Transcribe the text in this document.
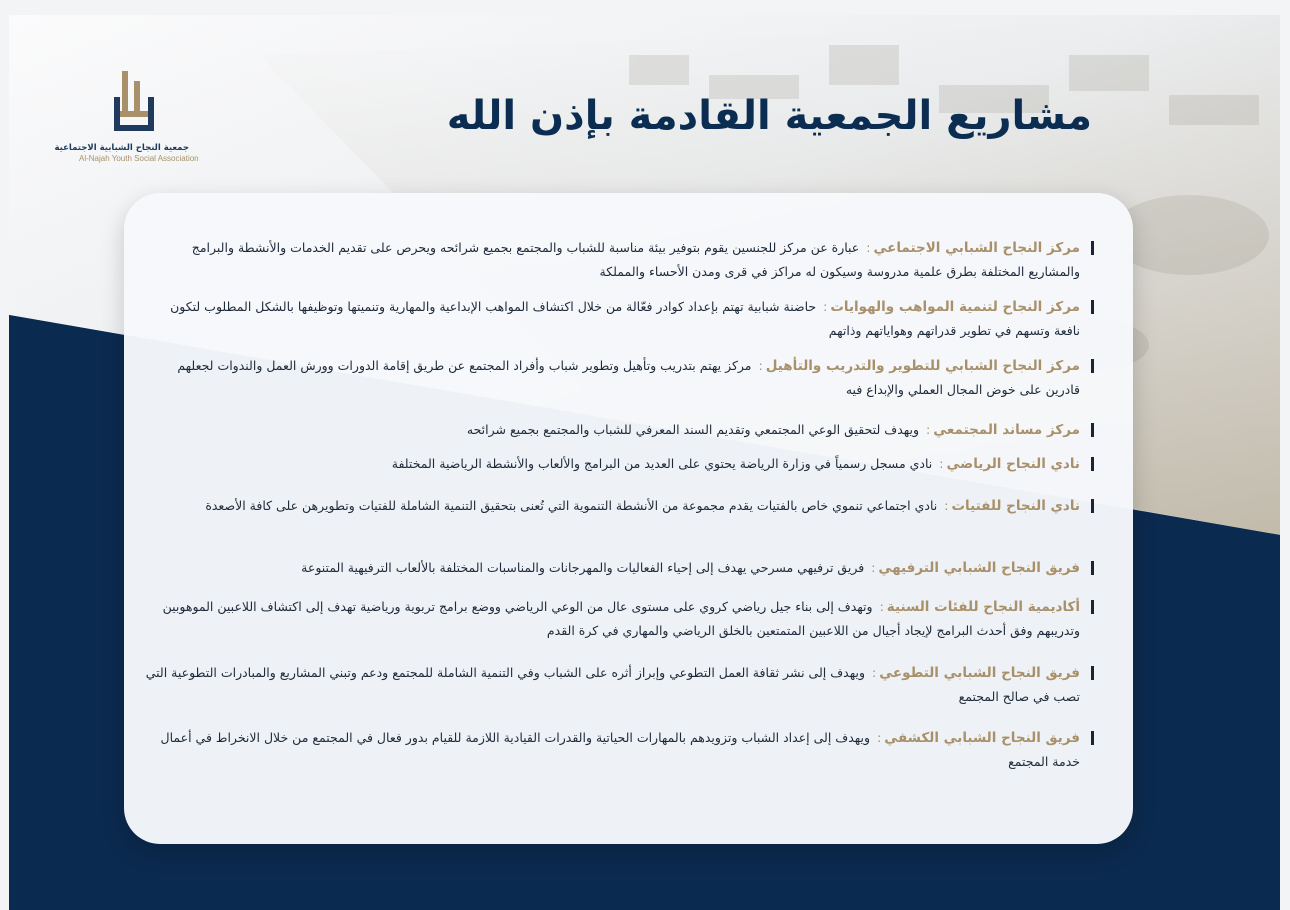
جمعية النجاح الشبابية الاجتماعية
Al-Najah Youth Social Association
مشاريع الجمعية القادمة بإذن الله
مركز النجاح الشبابي الاجتماعي: عبارة عن مركز للجنسين يقوم بتوفير بيئة مناسبة للشباب والمجتمع بجميع شرائحه ويحرص على تقديم الخدمات والأنشطة والبرامج والمشاريع المختلفة بطرق علمية مدروسة وسيكون له مراكز في قرى ومدن الأحساء والمملكة
مركز النجاح لتنمية المواهب والهوايات: حاضنة شبابية تهتم بإعداد كوادر فعّالة من خلال اكتشاف المواهب الإبداعية والمهارية وتنميتها وتوظيفها بالشكل المطلوب لتكون نافعة وتسهم في تطوير قدراتهم وهواياتهم وذاتهم
مركز النجاح الشبابي للتطوير والتدريب والتأهيل: مركز يهتم بتدريب وتأهيل وتطوير شباب وأفراد المجتمع عن طريق إقامة الدورات وورش العمل والندوات لجعلهم قادرين على خوض المجال العملي والإبداع فيه
مركز مساند المجتمعي: ويهدف لتحقيق الوعي المجتمعي وتقديم السند المعرفي للشباب والمجتمع بجميع شرائحه
نادي النجاح الرياضي: نادي مسجل رسمياً في وزارة الرياضة يحتوي على العديد من البرامج والألعاب والأنشطة الرياضية المختلفة
نادي النجاح للفتيات: نادي اجتماعي تنموي خاص بالفتيات يقدم مجموعة من الأنشطة التنموية التي تُعنى بتحقيق التنمية الشاملة للفتيات وتطويرهن على كافة الأصعدة
فريق النجاح الشبابي الترفيهي: فريق ترفيهي مسرحي يهدف إلى إحياء الفعاليات والمهرجانات والمناسبات المختلفة بالألعاب الترفيهية المتنوعة
أكاديمية النجاح للفئات السنية: وتهدف إلى بناء جيل رياضي كروي على مستوى عال من الوعي الرياضي ووضع برامج تربوية ورياضية تهدف إلى اكتشاف اللاعبين الموهوبين وتدريبهم وفق أحدث البرامج لإيجاد أجيال من اللاعبين المتمتعين بالخلق الرياضي والمهاري في كرة القدم
فريق النجاح الشبابي التطوعي: ويهدف إلى نشر ثقافة العمل التطوعي وإبراز أثره على الشباب وفي التنمية الشاملة للمجتمع ودعم وتبني المشاريع والمبادرات التطوعية التي تصب في صالح المجتمع
فريق النجاح الشبابي الكشفي: ويهدف إلى إعداد الشباب وتزويدهم بالمهارات الحياتية والقدرات القيادية اللازمة للقيام بدور فعال في المجتمع من خلال الانخراط في أعمال خدمة المجتمع
